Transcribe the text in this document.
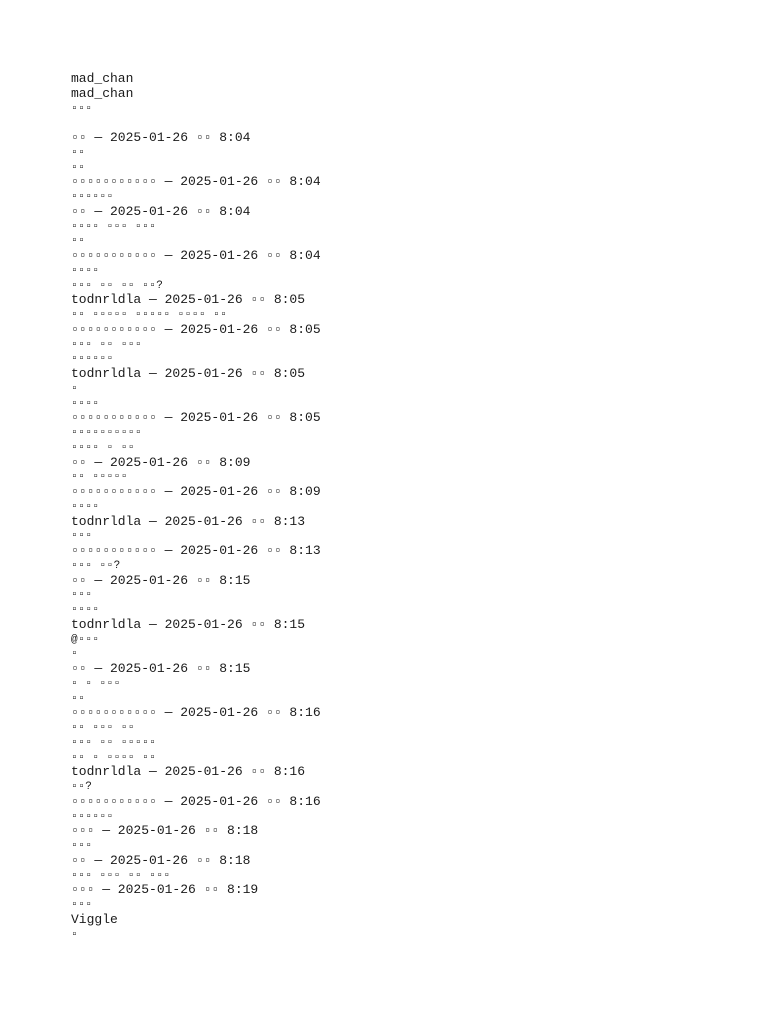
mad_chan
mad_chan
▫▫▫
▫▫ — 2025-01-26 ▫▫ 8:04
▫▫
▫▫
▫▫▫▫▫▫▫▫▫▫▫ — 2025-01-26 ▫▫ 8:04
▫▫▫▫▫▫
▫▫ — 2025-01-26 ▫▫ 8:04
▫▫▫▫ ▫▫▫ ▫▫▫
▫▫
▫▫▫▫▫▫▫▫▫▫▫ — 2025-01-26 ▫▫ 8:04
▫▫▫▫
▫▫▫ ▫▫ ▫▫ ▫▫?
todnrldla — 2025-01-26 ▫▫ 8:05
▫▫ ▫▫▫▫▫ ▫▫▫▫▫ ▫▫▫▫ ▫▫
▫▫▫▫▫▫▫▫▫▫▫ — 2025-01-26 ▫▫ 8:05
▫▫▫ ▫▫ ▫▫▫
▫▫▫▫▫▫
todnrldla — 2025-01-26 ▫▫ 8:05
▫
▫▫▫▫
▫▫▫▫▫▫▫▫▫▫▫ — 2025-01-26 ▫▫ 8:05
▫▫▫▫▫▫▫▫▫▫
▫▫▫▫ ▫ ▫▫
▫▫ — 2025-01-26 ▫▫ 8:09
▫▫ ▫▫▫▫▫
▫▫▫▫▫▫▫▫▫▫▫ — 2025-01-26 ▫▫ 8:09
▫▫▫▫
todnrldla — 2025-01-26 ▫▫ 8:13
▫▫▫
▫▫▫▫▫▫▫▫▫▫▫ — 2025-01-26 ▫▫ 8:13
▫▫▫ ▫▫?
▫▫ — 2025-01-26 ▫▫ 8:15
▫▫▫
▫▫▫▫
todnrldla — 2025-01-26 ▫▫ 8:15
@▫▫▫
▫
▫▫ — 2025-01-26 ▫▫ 8:15
▫ ▫ ▫▫▫
▫▫
▫▫▫▫▫▫▫▫▫▫▫ — 2025-01-26 ▫▫ 8:16
▫▫ ▫▫▫ ▫▫
▫▫▫ ▫▫ ▫▫▫▫▫
▫▫ ▫ ▫▫▫▫ ▫▫
todnrldla — 2025-01-26 ▫▫ 8:16
▫▫?
▫▫▫▫▫▫▫▫▫▫▫ — 2025-01-26 ▫▫ 8:16
▫▫▫▫▫▫
▫▫▫ — 2025-01-26 ▫▫ 8:18
▫▫▫
▫▫ — 2025-01-26 ▫▫ 8:18
▫▫▫ ▫▫▫ ▫▫ ▫▫▫
▫▫▫ — 2025-01-26 ▫▫ 8:19
▫▫▫
Viggle
▫
